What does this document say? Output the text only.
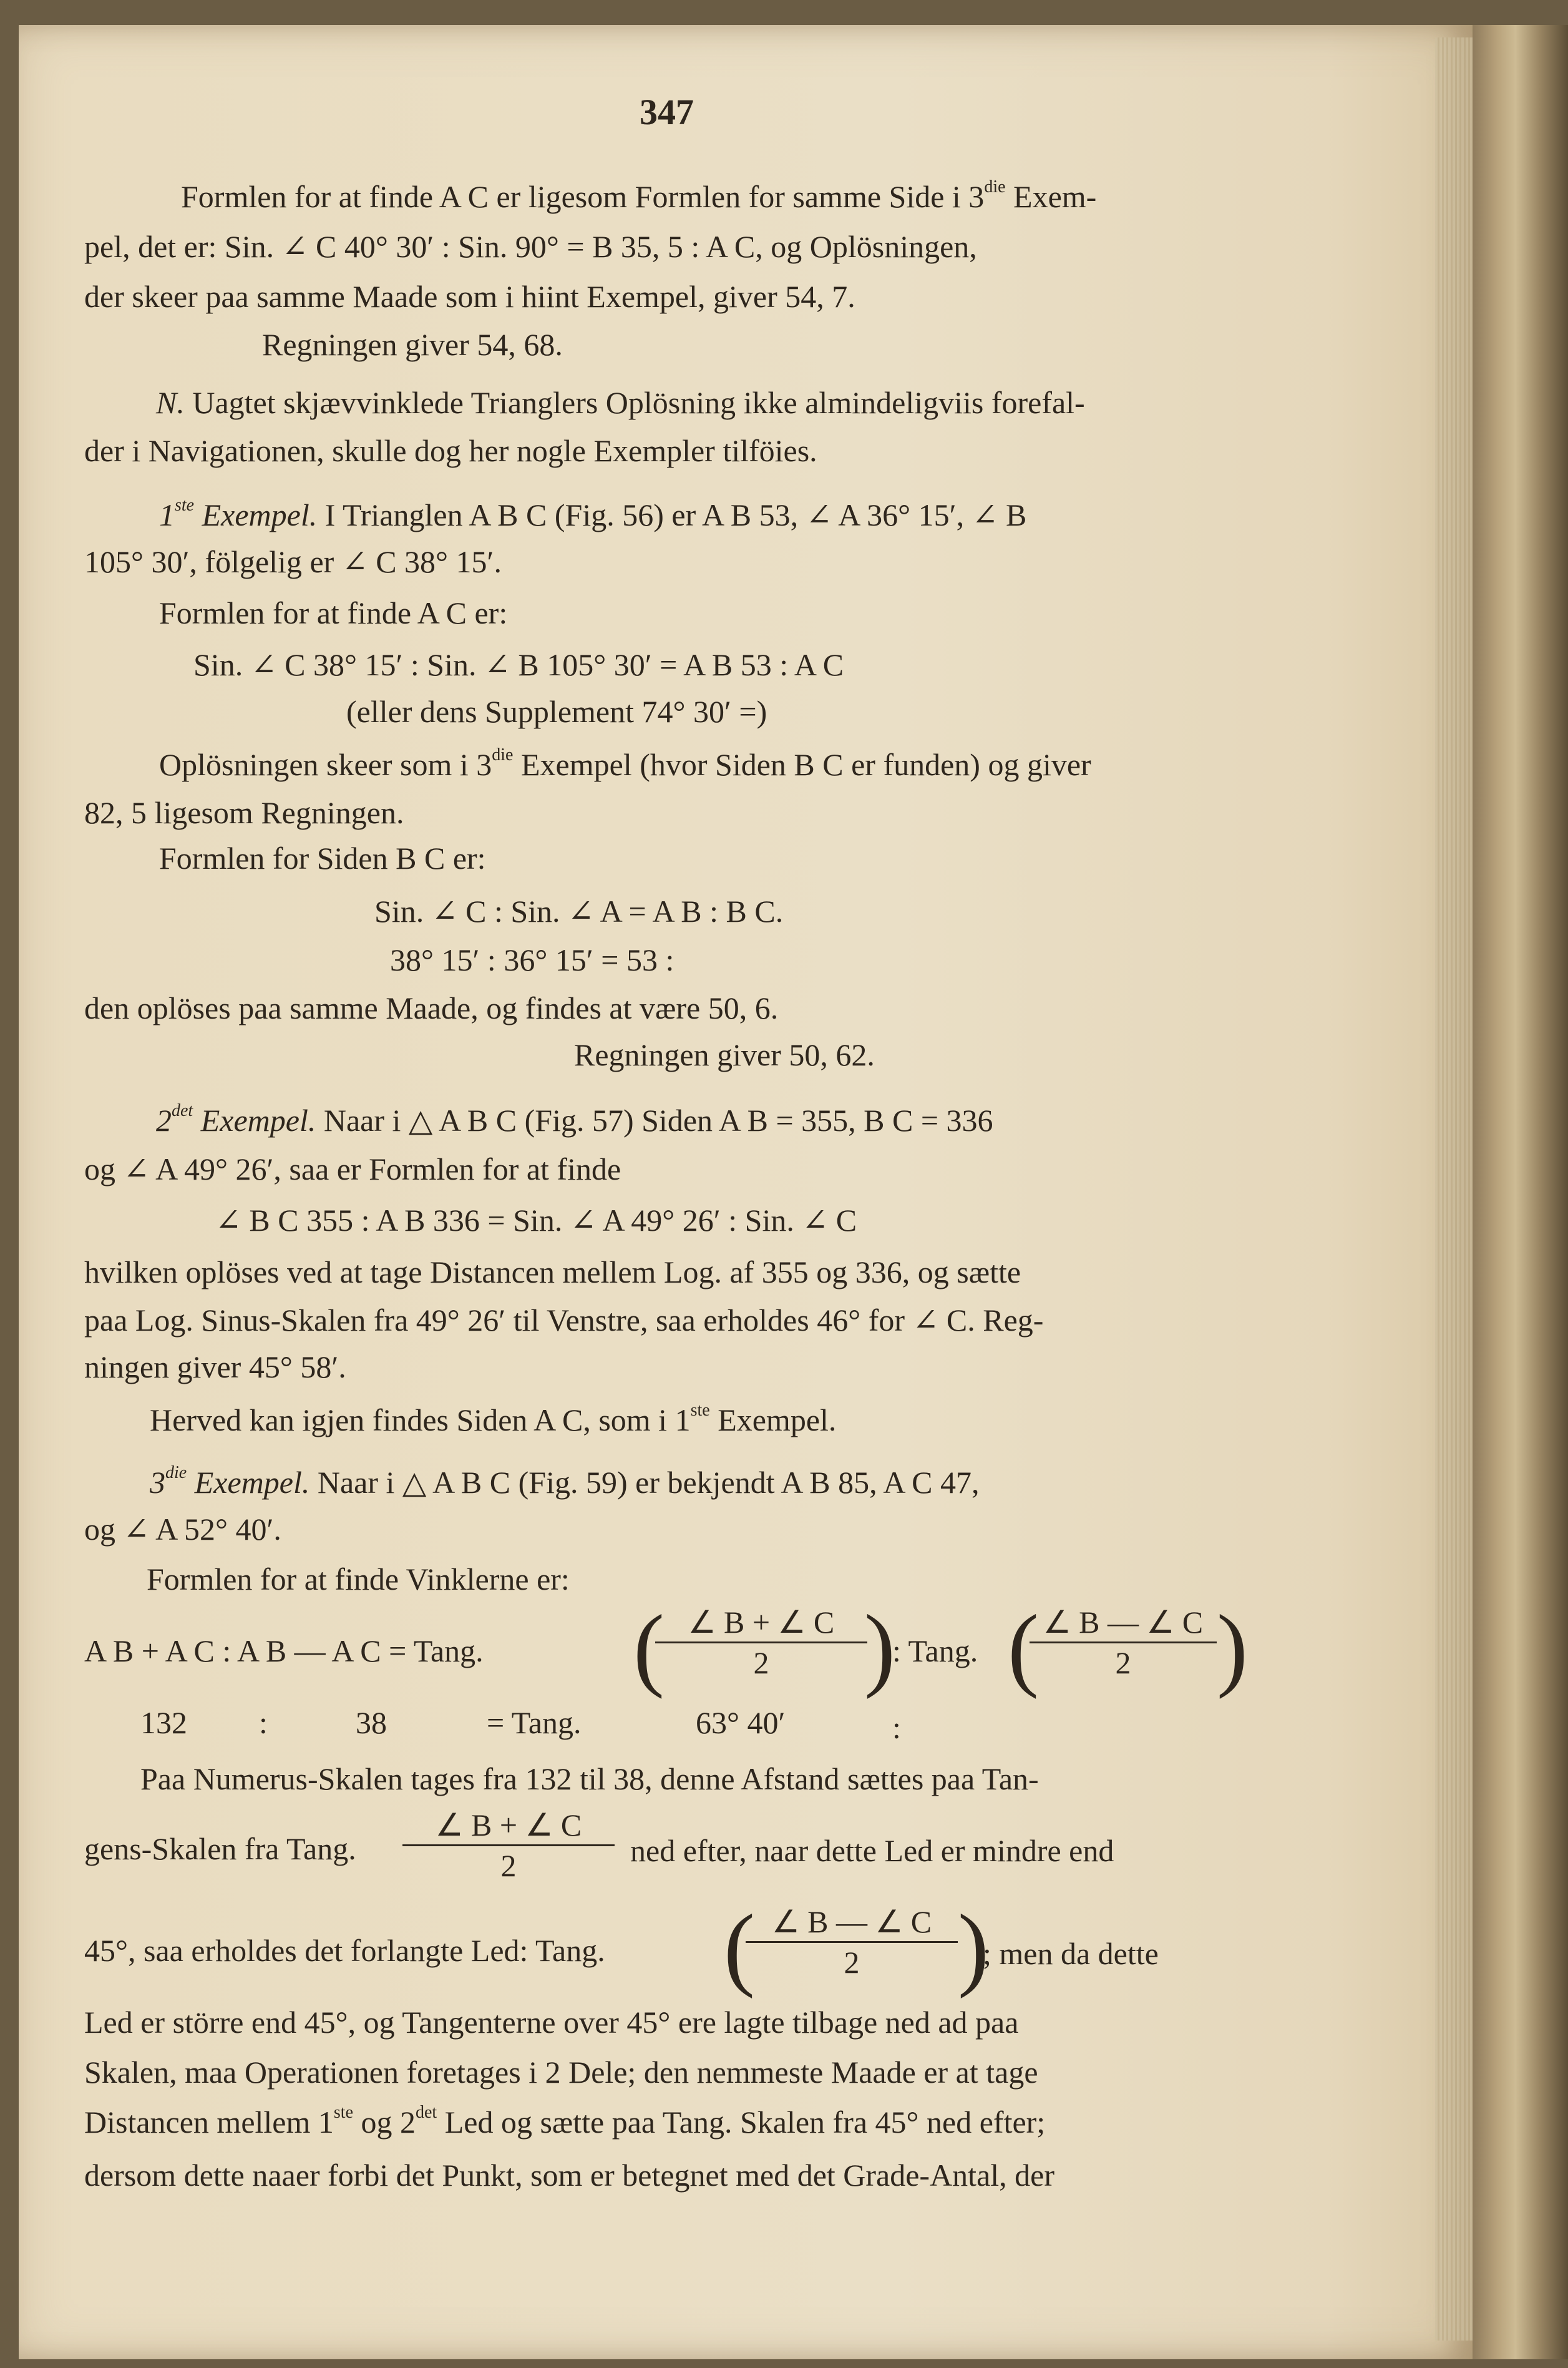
347
Formlen for at finde A C er ligesom Formlen for samme Side i $3^{die}$ Exem-
pel, det er: Sin. ∠ C 40° 30′ : Sin. 90° = B 35, 5 : A C, og Oplösningen,
der skeer paa samme Maade som i hiint Exempel, giver 54, 7.
Regningen giver 54, 68.
N. Uagtet skjævvinklede Trianglers Oplösning ikke almindeligviis forefal-
der i Navigationen, skulle dog her nogle Exempler tilföies.
1ste Exempel. I Trianglen A B C (Fig. 56) er A B 53, ∠ A 36° 15′, ∠ B
105° 30′, fölgelig er ∠ C 38° 15′.
Formlen for at finde A C er:
Sin. ∠ C 38° 15′ : Sin. ∠ B 105° 30′ = A B 53 : A C
(eller dens Supplement 74° 30′ =)
Oplösningen skeer som i $3^{die}$ Exempel (hvor Siden B C er funden) og giver
82, 5 ligesom Regningen.
Formlen for Siden B C er:
Sin. ∠ C : Sin. ∠ A = A B : B C.
38° 15′ : 36° 15′ = 53 :
den oplöses paa samme Maade, og findes at være 50, 6.
Regningen giver 50, 62.
$2^{det}$ Exempel. Naar i △ A B C (Fig. 57) Siden A B = 355, B C = 336
og ∠ A 49° 26′, saa er Formlen for at finde
∠ B C 355 : A B 336 = Sin. ∠ A 49° 26′ : Sin. ∠ C
hvilken oplöses ved at tage Distancen mellem Log. af 355 og 336, og sætte
paa Log. Sinus-Skalen fra 49° 26′ til Venstre, saa erholdes 46° for ∠ C. Reg-
ningen giver 45° 58′.
Herved kan igjen findes Siden A C, som i 1ste Exempel.
$3^{die}$ Exempel. Naar i △ A B C (Fig. 59) er bekjendt A B 85, A C 47,
og ∠ A 52° 40′.
Formlen for at finde Vinklerne er:
A B + A C : A B — A C = Tang. ( ∠ B + ∠ C
2	)
: Tang. ( ∠ B — ∠ C
2 )
132 :	38	= Tang.	63° 40′	:
Paa Numerus-Skalen tages fra 132 til 38, denne Afstand sættes paa Tan-
gens-Skalen fra Tang.
∠ B + ∠ C
2	ned efter, naar dette Led er mindre end
45°, saa erholdes det forlangte Led: Tang. ( ∠ B — ∠ C
2	)
; men da dette
Led er större end 45°, og Tangenterne over 45° ere lagte tilbage ned ad paa
Skalen, maa Operationen foretages i 2 Dele; den nemmeste Maade er at tage
Distancen mellem 1ste og $2^{det}$ Led og sætte paa Tang. Skalen fra 45° ned efter;
dersom dette naaer forbi det Punkt, som er betegnet med det Grade-Antal, der
